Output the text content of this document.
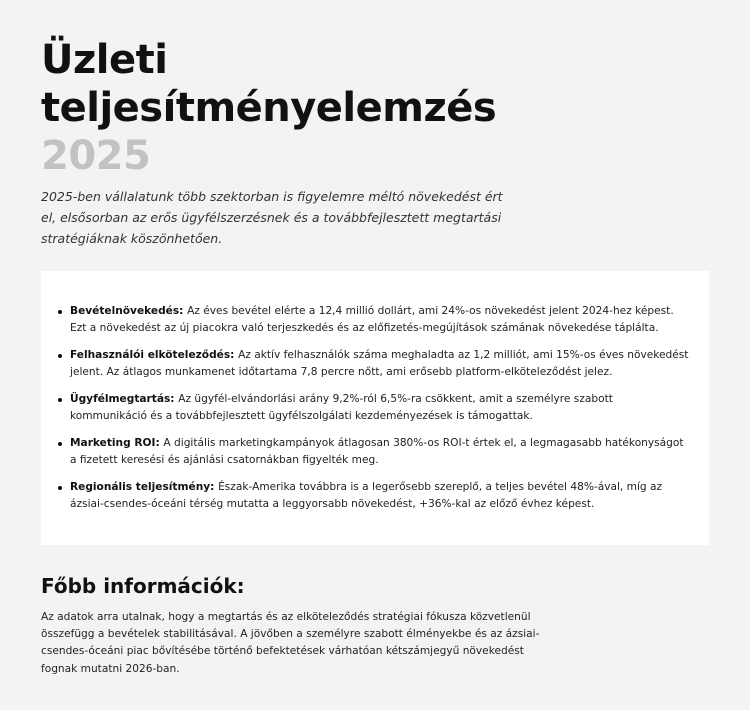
Üzleti
teljesítményelemzés
2025

2025-ben vállalatunk több szektorban is figyelemre méltó növekedést ért el, elsősorban az erős ügyfélszerzésnek és a továbbfejlesztett megtartási stratégiáknak köszönhetően.

Bevételnövekedés: Az éves bevétel elérte a 12,4 millió dollárt, ami 24%-os növekedést jelent 2024-hez képest. Ezt a növekedést az új piacokra való terjeszkedés és az előfizetés-megújítások számának növekedése táplálta.
Felhasználói elköteleződés: Az aktív felhasználók száma meghaladta az 1,2 milliót, ami 15%-os éves növekedést jelent. Az átlagos munkamenet időtartama 7,8 percre nőtt, ami erősebb platform-elköteleződést jelez.
Ügyfélmegtartás: Az ügyfél-elvándorlási arány 9,2%-ról 6,5%-ra csökkent, amit a személyre szabott kommunikáció és a továbbfejlesztett ügyfélszolgálati kezdeményezések is támogattak.
Marketing ROI: A digitális marketingkampányok átlagosan 380%-os ROI-t értek el, a legmagasabb hatékonyságot a fizetett keresési és ajánlási csatornákban figyelték meg.
Regionális teljesítmény: Észak-Amerika továbbra is a legerősebb szereplő, a teljes bevétel 48%-ával, míg az ázsiai-csendes-óceáni térség mutatta a leggyorsabb növekedést, +36%-kal az előző évhez képest.
Főbb információk:

Az adatok arra utalnak, hogy a megtartás és az elköteleződés stratégiai fókusza közvetlenül összefügg a bevételek stabilitásával. A jövőben a személyre szabott élményekbe és az ázsiai-csendes-óceáni piac bővítésébe történő befektetések várhatóan kétszámjegyű növekedést fognak mutatni 2026-ban.
